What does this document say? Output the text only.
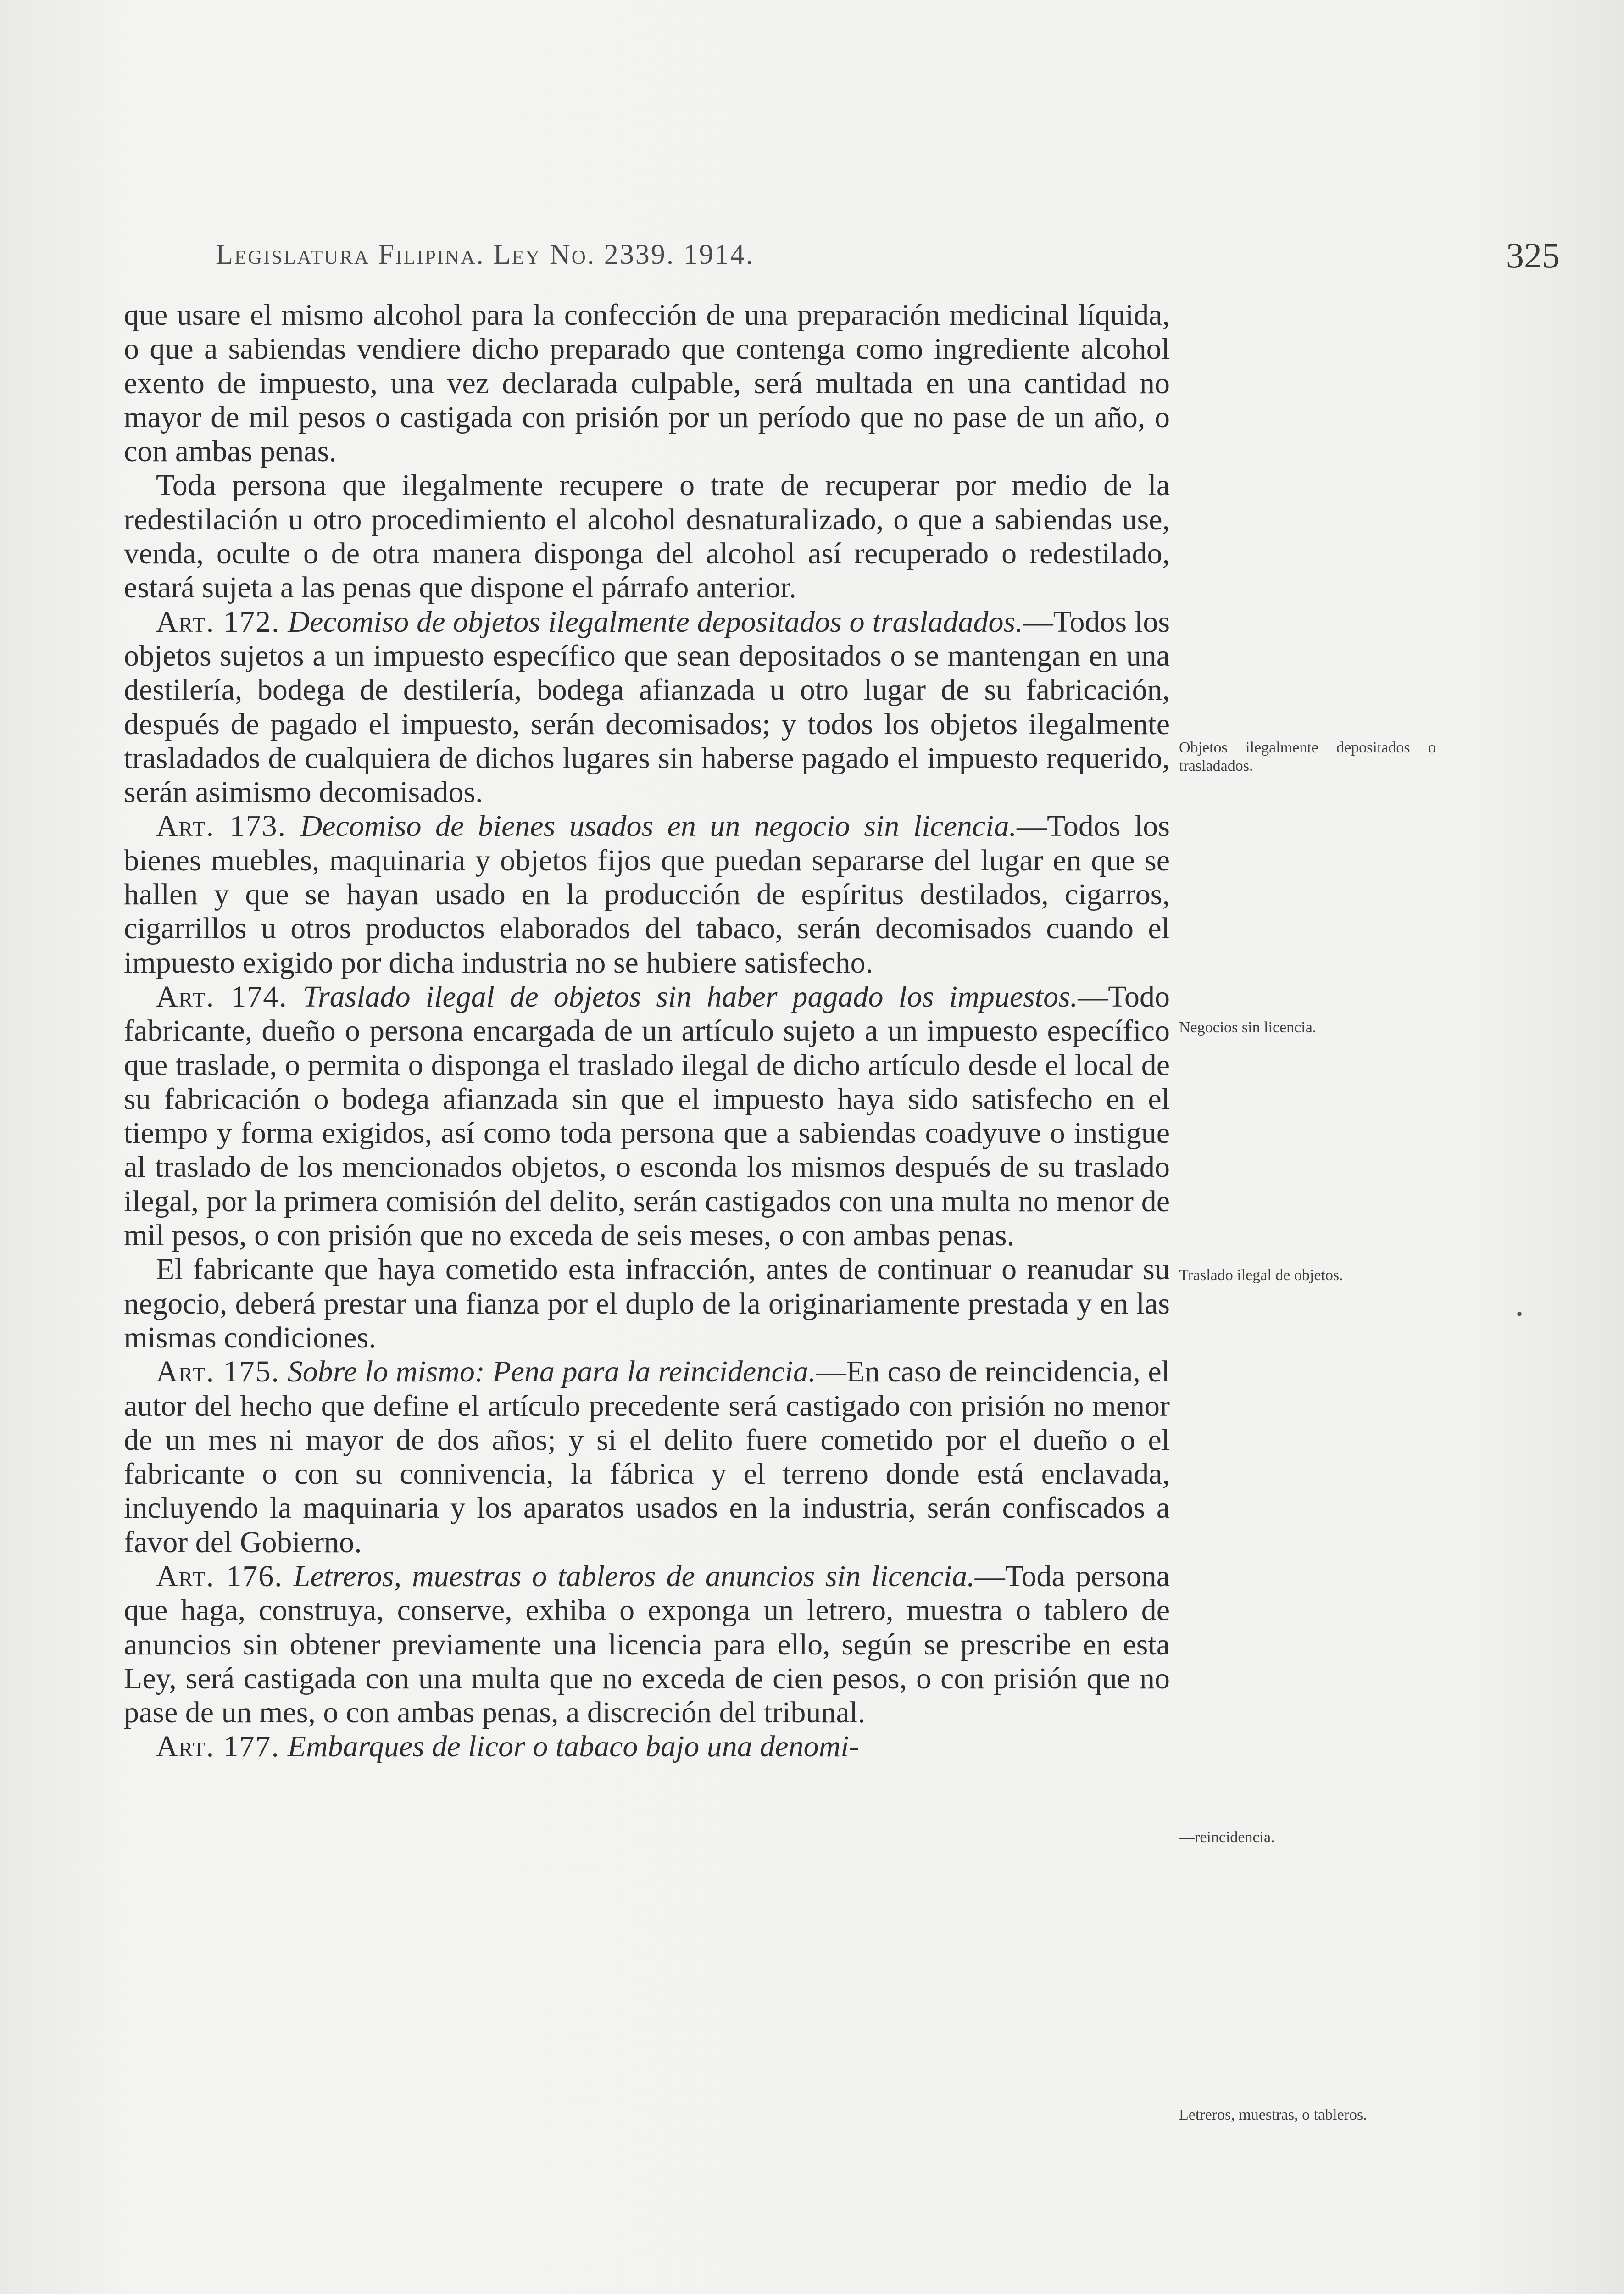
Legislatura Filipina. Ley No. 2339. 1914.	325

que usare el mismo alcohol para la confección de una preparación medicinal líquida, o que a sabiendas vendiere dicho preparado que contenga como ingrediente alcohol exento de impuesto, una vez declarada culpable, será multada en una cantidad no mayor de mil pesos o castigada con prisión por un período que no pase de un año, o con ambas penas.

Toda persona que ilegalmente recupere o trate de recuperar por medio de la redestilación u otro procedimiento el alcohol desnaturalizado, o que a sabiendas use, venda, oculte o de otra manera disponga del alcohol así recuperado o redestilado, estará sujeta a las penas que dispone el párrafo anterior.

Art. 172. Decomiso de objetos ilegalmente depositados o trasladados.—Todos los objetos sujetos a un impuesto específico que sean depositados o se mantengan en una destilería, bodega de destilería, bodega afianzada u otro lugar de su fabricación, después de pagado el impuesto, serán decomisados; y todos los objetos ilegalmente trasladados de cualquiera de dichos lugares sin haberse pagado el impuesto requerido, serán asimismo decomisados.

Art. 173. Decomiso de bienes usados en un negocio sin licencia.—Todos los bienes muebles, maquinaria y objetos fijos que puedan separarse del lugar en que se hallen y que se hayan usado en la producción de espíritus destilados, cigarros, cigarrillos u otros productos elaborados del tabaco, serán decomisados cuando el impuesto exigido por dicha industria no se hubiere satisfecho.

Art. 174. Traslado ilegal de objetos sin haber pagado los impuestos.—Todo fabricante, dueño o persona encargada de un artículo sujeto a un impuesto específico que traslade, o permita o disponga el traslado ilegal de dicho artículo desde el local de su fabricación o bodega afianzada sin que el impuesto haya sido satisfecho en el tiempo y forma exigidos, así como toda persona que a sabiendas coadyuve o instigue al traslado de los mencionados objetos, o esconda los mismos después de su traslado ilegal, por la primera comisión del delito, serán castigados con una multa no menor de mil pesos, o con prisión que no exceda de seis meses, o con ambas penas.

El fabricante que haya cometido esta infracción, antes de continuar o reanudar su negocio, deberá prestar una fianza por el duplo de la originariamente prestada y en las mismas condiciones.

Art. 175. Sobre lo mismo: Pena para la reincidencia.—En caso de reincidencia, el autor del hecho que define el artículo precedente será castigado con prisión no menor de un mes ni mayor de dos años; y si el delito fuere cometido por el dueño o el fabricante o con su connivencia, la fábrica y el terreno donde está enclavada, incluyendo la maquinaria y los aparatos usados en la industria, serán confiscados a favor del Gobierno.

Art. 176. Letreros, muestras o tableros de anuncios sin licencia.—Toda persona que haga, construya, conserve, exhiba o exponga un letrero, muestra o tablero de anuncios sin obtener previamente una licencia para ello, según se prescribe en esta Ley, será castigada con una multa que no exceda de cien pesos, o con prisión que no pase de un mes, o con ambas penas, a discreción del tribunal.

Art. 177. Embarques de licor o tabaco bajo una denomi-

Objetos ilegalmente depositados o trasladados.
Negocios sin licencia.
Traslado ilegal de objetos.
—reincidencia.
Letreros, muestras, o tableros.
•
